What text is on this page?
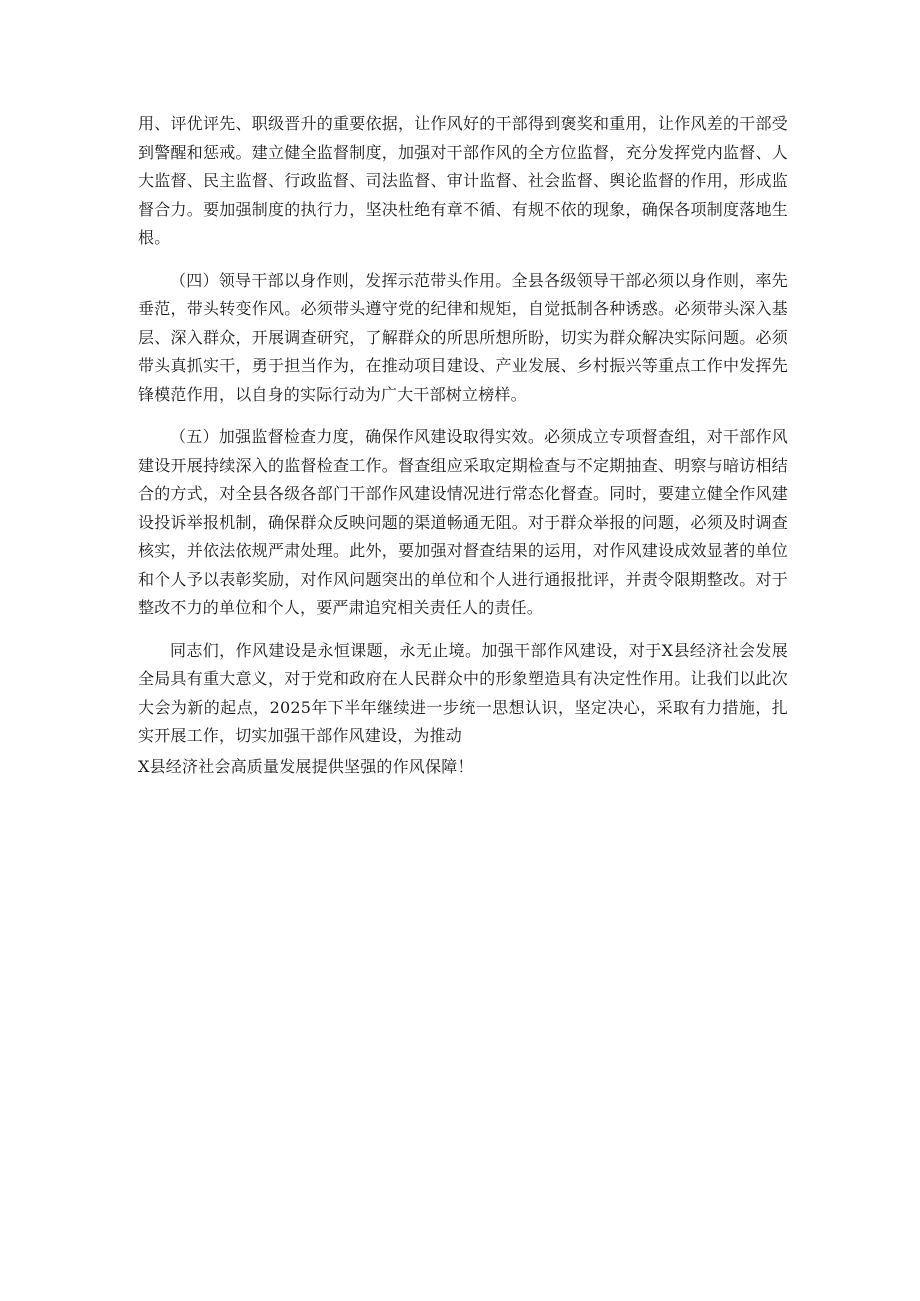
用、评优评先、职级晋升的重要依据，让作风好的干部得到褒奖和重用，让作风差的干部受到警醒和惩戒。建立健全监督制度，加强对干部作风的全方位监督，充分发挥党内监督、人大监督、民主监督、行政监督、司法监督、审计监督、社会监督、舆论监督的作用，形成监督合力。要加强制度的执行力，坚决杜绝有章不循、有规不依的现象，确保各项制度落地生根。

（四）领导干部以身作则，发挥示范带头作用。全县各级领导干部必须以身作则，率先垂范，带头转变作风。必须带头遵守党的纪律和规矩，自觉抵制各种诱惑。必须带头深入基层、深入群众，开展调查研究，了解群众的所思所想所盼，切实为群众解决实际问题。必须带头真抓实干，勇于担当作为，在推动项目建设、产业发展、乡村振兴等重点工作中发挥先锋模范作用，以自身的实际行动为广大干部树立榜样。

（五）加强监督检查力度，确保作风建设取得实效。必须成立专项督查组，对干部作风建设开展持续深入的监督检查工作。督查组应采取定期检查与不定期抽查、明察与暗访相结合的方式，对全县各级各部门干部作风建设情况进行常态化督查。同时，要建立健全作风建设投诉举报机制，确保群众反映问题的渠道畅通无阻。对于群众举报的问题，必须及时调查核实，并依法依规严肃处理。此外，要加强对督查结果的运用，对作风建设成效显著的单位和个人予以表彰奖励，对作风问题突出的单位和个人进行通报批评，并责令限期整改。对于整改不力的单位和个人，要严肃追究相关责任人的责任。

同志们，作风建设是永恒课题，永无止境。加强干部作风建设，对于X县经济社会发展全局具有重大意义，对于党和政府在人民群众中的形象塑造具有决定性作用。让我们以此次大会为新的起点，2025年下半年继续进一步统一思想认识，坚定决心，采取有力措施，扎实开展工作，切实加强干部作风建设，为推动

X县经济社会高质量发展提供坚强的作风保障！
